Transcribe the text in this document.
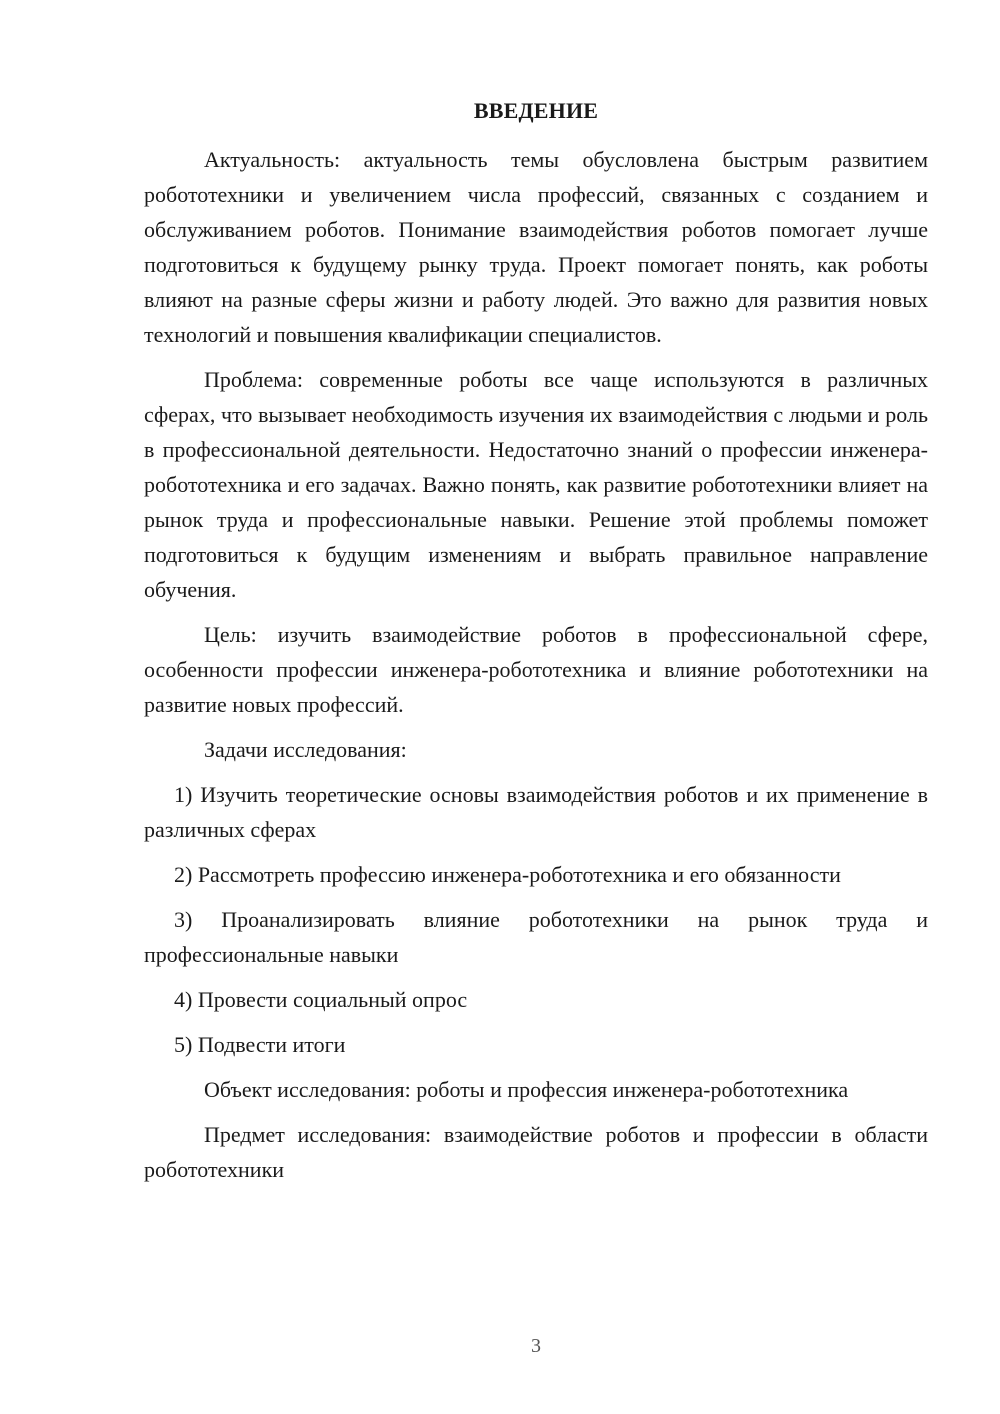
ВВЕДЕНИЕ

Актуальность: актуальность темы обусловлена быстрым развитием робототехники и увеличением числа профессий, связанных с созданием и обслуживанием роботов. Понимание взаимодействия роботов помогает лучше подготовиться к будущему рынку труда. Проект помогает понять, как роботы влияют на разные сферы жизни и работу людей. Это важно для развития новых технологий и повышения квалификации специалистов.

Проблема: современные роботы все чаще используются в различных сферах, что вызывает необходимость изучения их взаимодействия с людьми и роль в профессиональной деятельности. Недостаточно знаний о профессии инженера-робототехника и его задачах. Важно понять, как развитие робототехники влияет на рынок труда и профессиональные навыки. Решение этой проблемы поможет подготовиться к будущим изменениям и выбрать правильное направление обучения.

Цель: изучить взаимодействие роботов в профессиональной сфере, особенности профессии инженера-робототехника и влияние робототехники на развитие новых профессий.

Задачи исследования:

1) Изучить теоретические основы взаимодействия роботов и их применение в различных сферах

2) Рассмотреть профессию инженера-робототехника и его обязанности

3) Проанализировать влияние робототехники на рынок труда и профессиональные навыки

4) Провести социальный опрос

5) Подвести итоги

Объект исследования: роботы и профессия инженера-робототехника

Предмет исследования: взаимодействие роботов и профессии в области робототехники

3
